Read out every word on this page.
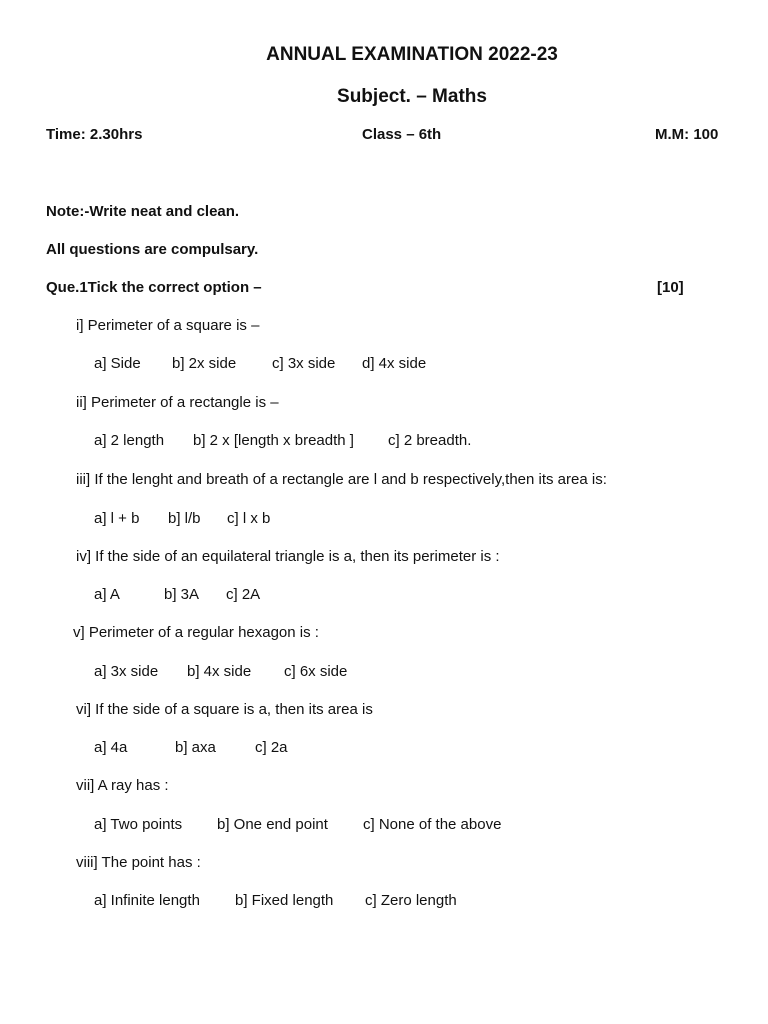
ANNUAL EXAMINATION 2022-23
Subject. – Maths
Time: 2.30hrs	Class – 6th	M.M: 100
Note:-Write neat and clean.
All questions are compulsary.
Que.1Tick the correct option –	[10]
i] Perimeter of a square is –
a] Side b] 2x side c] 3x side d] 4x side
ii] Perimeter of a rectangle is –
a] 2 length b] 2 x [length x breadth ] c] 2 breadth.
iii] If the lenght and breath of a rectangle are l and b respectively,then its area is:
a] l + b b] l/b c] l x b
iv] If the side of an equilateral triangle is a, then its perimeter is :
a] A	b] 3A c] 2A
v] Perimeter of a regular hexagon is :
a] 3x side b] 4x side c] 6x side
vi] If the side of a square is a, then its area is
a] 4a	b] axa	c] 2a
vii] A ray has :
a] Two points b] One end point c] None of the above
viii] The point has :
a] Infinite length b] Fixed length c] Zero length
